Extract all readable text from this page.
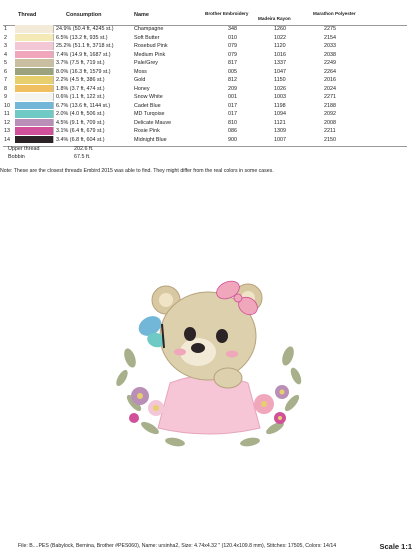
Thread	Consumption	Name	Brother Embroidery
Madeira Rayon
Marathon Polyester
1	24.9% (50.4 ft, 4245 st.)	Champagne	348	1260	2275
2	6.5% (13.2 ft, 935 st.)	Soft Butter	010	1022	2154
3	25.2% (51.1 ft, 3718 st.)	Rosebud Pink	079	1120	2033
4	7.4% (14.9 ft, 1687 st.)	Medium Pink	079	1016	2038
5	3.7% (7.5 ft, 719 st.)	Pale/Grey	817	1337	2249
6	8.0% (16.3 ft, 1579 st.)	Moss	005	1047	2264
7	2.2% (4.5 ft, 386 st.)	Gold	812	1150	2016
8	1.8% (3.7 ft, 474 st.)	Honey	209	1026	2024
9	0.6% (1.1 ft, 122 st.)	Snow White	001	1003	2271
10	6.7% (13.6 ft, 1144 st.)	Cadet Blue	017	1198	2188
11	2.0% (4.0 ft, 506 st.)	MD Turqoise	017	1094	2092
12	4.5% (9.1 ft, 709 st.)	Delicate Mauve	810	1121	2008
13	3.1% (6.4 ft, 679 st.)	Rosie Pink	086	1309	2211
14	3.4% (6.8 ft, 604 st.)	Midnight Blue	900	1007	2150
Upper thread	202.6 ft.
Bobbin	67.5 ft.
Note: These are the closest threads Embird 2015 was able to find. They might differ from the real colors in some cases.
File: B....PES (Babylock, Bernina, Brother #PES060), Name: ursinha2, Size: 4.74x4.32 " (120.4x109.8 mm), Stitches: 17505, Colors: 14/14	Scale 1:1
